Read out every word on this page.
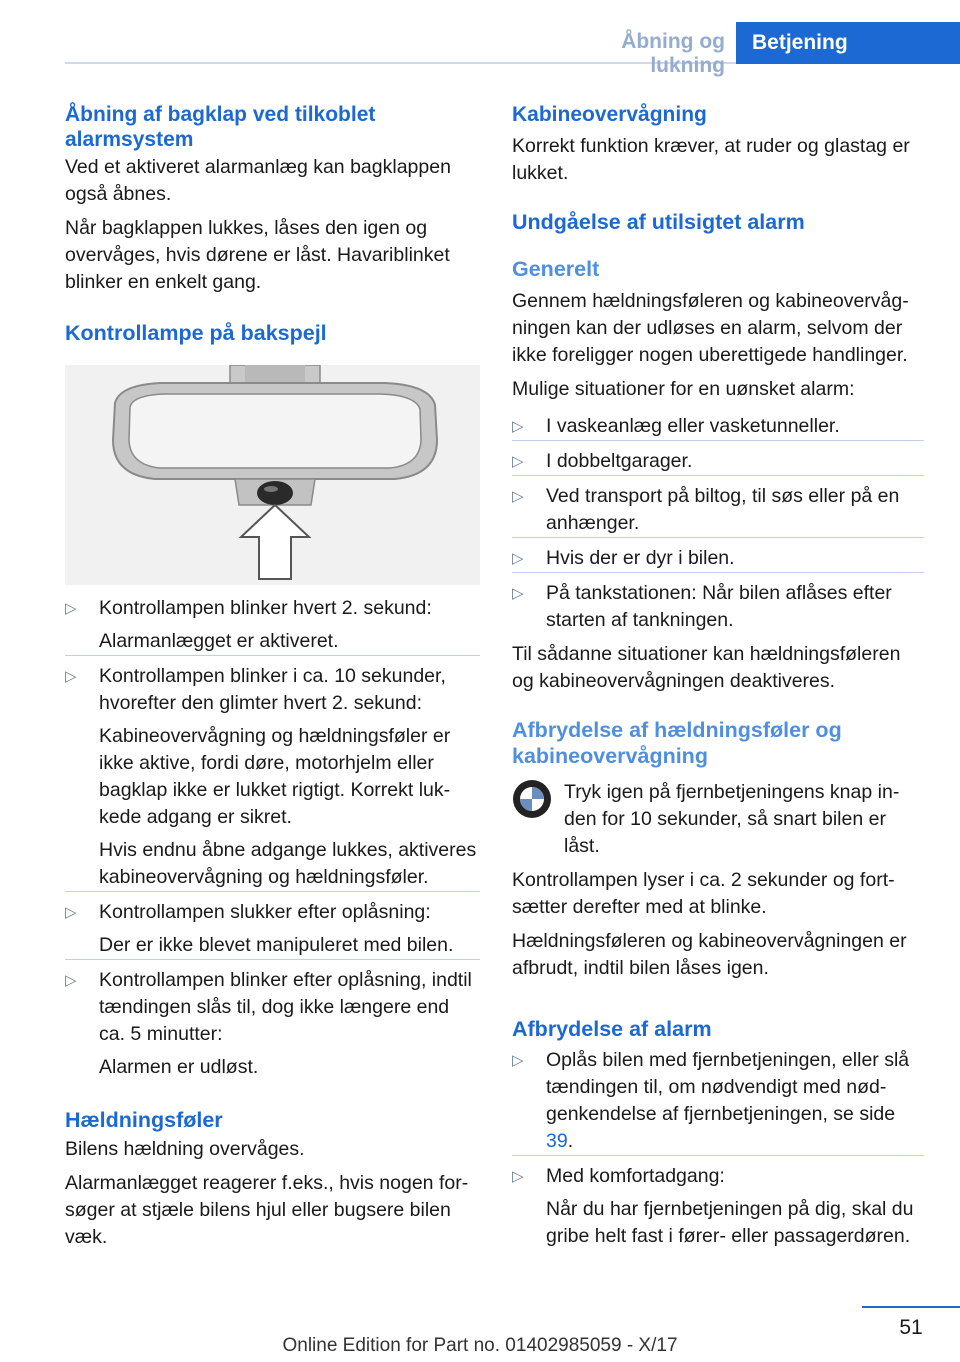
Åbning og lukning
Betjening
Åbning af bagklap ved tilkoblet alarmsystem

Ved et aktiveret alarmanlæg kan bagklappen også åbnes.

Når bagklappen lukkes, låses den igen og overvåges, hvis dørene er låst. Havariblinket blinker en enkelt gang.

Kontrollampe på bakspejl
▷ Kontrollampen blinker hvert 2. sekund:
Alarmanlægget er aktiveret.
▷ Kontrollampen blinker i ca. 10 sekunder, hvorefter den glimter hvert 2. sekund:
Kabineovervågning og hældningsføler er ikke aktive, fordi døre, motorhjelm eller bagklap ikke er lukket rigtigt. Korrekt lukkede adgang er sikret.
Hvis endnu åbne adgange lukkes, aktiveres kabineovervågning og hældningsføler.
▷ Kontrollampen slukker efter oplåsning:
Der er ikke blevet manipuleret med bilen.
▷ Kontrollampen blinker efter oplåsning, indtil tændingen slås til, dog ikke længere end ca. 5 minutter:
Alarmen er udløst.
Hældningsføler

Bilens hældning overvåges.

Alarmanlægget reagerer f.eks., hvis nogen forsøger at stjæle bilens hjul eller bugsere bilen væk.

Kabineovervågning

Korrekt funktion kræver, at ruder og glastag er lukket.

Undgåelse af utilsigtet alarm
Generelt

Gennem hældningsføleren og kabineovervågningen kan der udløses en alarm, selvom der ikke foreligger nogen uberettigede handlinger.

Mulige situationer for en uønsket alarm:

▷ I vaskeanlæg eller vasketunneller.
▷ I dobbeltgarager.
▷ Ved transport på biltog, til søs eller på en anhænger.
▷ Hvis der er dyr i bilen.
▷ På tankstationen: Når bilen aflåses efter starten af tankningen.

Til sådanne situationer kan hældningsføleren og kabineovervågningen deaktiveres.

Afbrydelse af hældningsføler og kabineovervågning

Tryk igen på fjernbetjeningens knap inden for 10 sekunder, så snart bilen er låst.

Kontrollampen lyser i ca. 2 sekunder og fortsætter derefter med at blinke.

Hældningsføleren og kabineovervågningen er afbrudt, indtil bilen låses igen.

Afbrydelse af alarm
▷ Oplås bilen med fjernbetjeningen, eller slå tændingen til, om nødvendigt med nødgenkendelse af fjernbetjeningen, se side 39.
▷ Med komfortadgang:
Når du har fjernbetjeningen på dig, skal du gribe helt fast i fører- eller passagerdøren.
51
Online Edition for Part no. 01402985059 - X/17
